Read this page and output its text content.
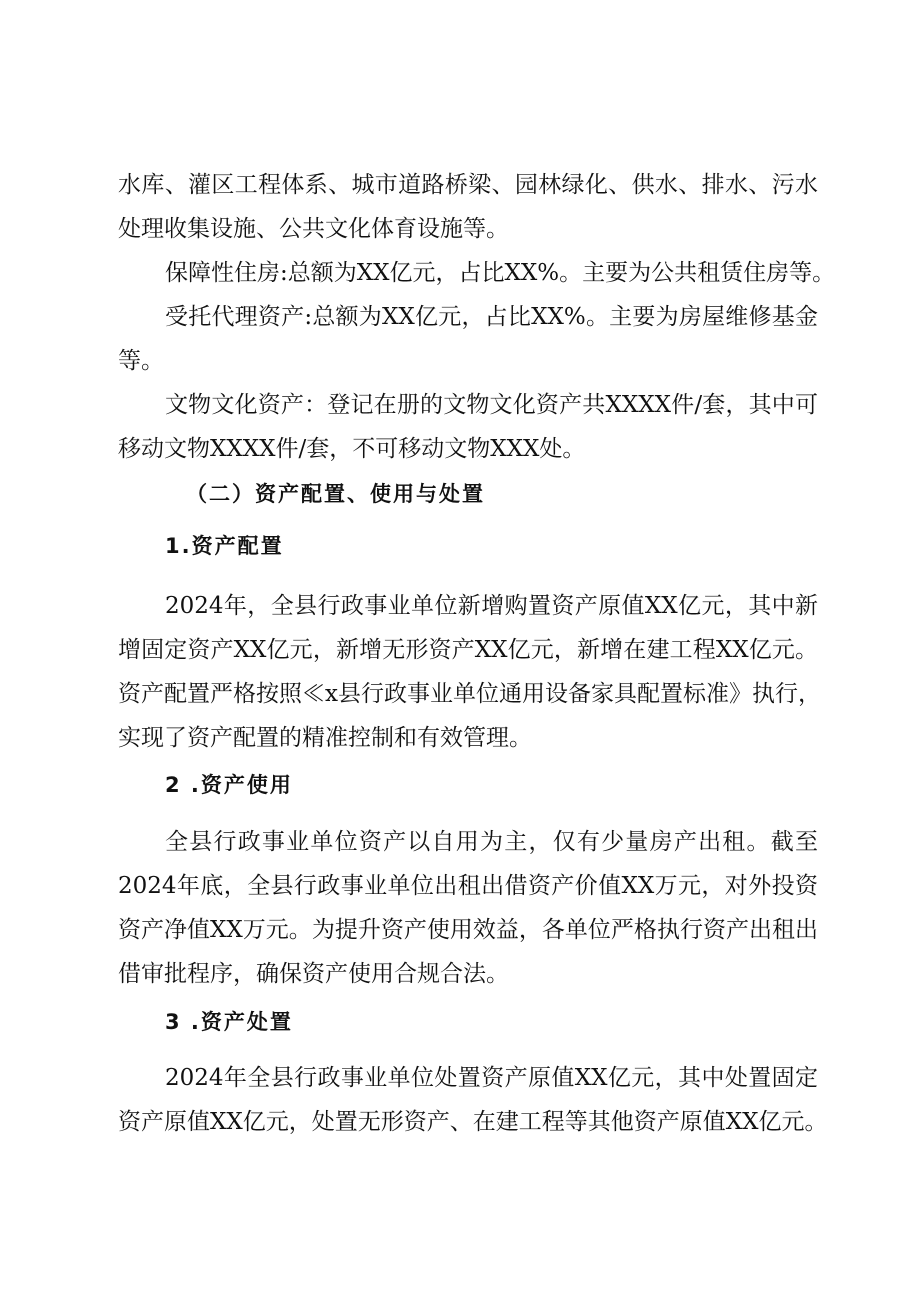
水库、灌区工程体系、城市道路桥梁、园林绿化、供水、排水、污水
处理收集设施、公共文化体育设施等。
保障性住房:总额为XX亿元，占比XX%。主要为公共租赁住房等。
受托代理资产:总额为XX亿元，占比XX%。主要为房屋维修基金
等。
文物文化资产：登记在册的文物文化资产共XXXX件/套，其中可
移动文物XXXX件/套，不可移动文物XXX处。
（二）资产配置、使用与处置
1.资产配置
2024年，全县行政事业单位新增购置资产原值XX亿元，其中新
增固定资产XX亿元，新增无形资产XX亿元，新增在建工程XX亿元。
资产配置严格按照≪x县行政事业单位通用设备家具配置标准》执行，
实现了资产配置的精准控制和有效管理。
2 .资产使用
全县行政事业单位资产以自用为主，仅有少量房产出租。截至
2024年底，全县行政事业单位出租出借资产价值XX万元，对外投资
资产净值XX万元。为提升资产使用效益，各单位严格执行资产出租出
借审批程序，确保资产使用合规合法。
3 .资产处置
2024年全县行政事业单位处置资产原值XX亿元，其中处置固定
资产原值XX亿元，处置无形资产、在建工程等其他资产原值XX亿元。
